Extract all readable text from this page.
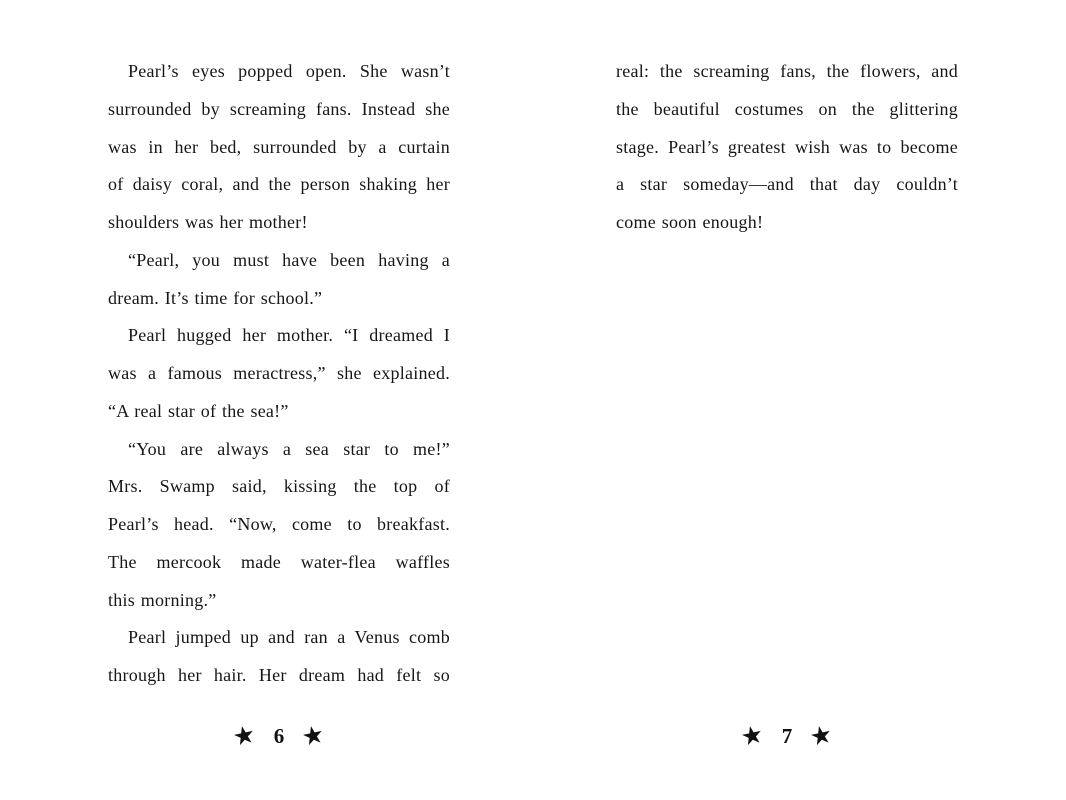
Pearl’s eyes popped open. She wasn’t
surrounded by screaming fans. Instead she
was in her bed, surrounded by a curtain
of daisy coral, and the person shaking her
shoulders was her mother!
“Pearl, you must have been having a
dream. It’s time for school.”
Pearl hugged her mother. “I dreamed I
was a famous meractress,” she explained.
“A real star of the sea!”
“You are always a sea star to me!”
Mrs. Swamp said, kissing the top of
Pearl’s head. “Now, come to breakfast.
The mercook made water-flea waffles
this morning.”
Pearl jumped up and ran a Venus comb
through her hair. Her dream had felt so
real: the screaming fans, the flowers, and
the beautiful costumes on the glittering
stage. Pearl’s greatest wish was to become
a star someday—and that day couldn’t
come soon enough!
★ 6 ★	★ 7 ★
